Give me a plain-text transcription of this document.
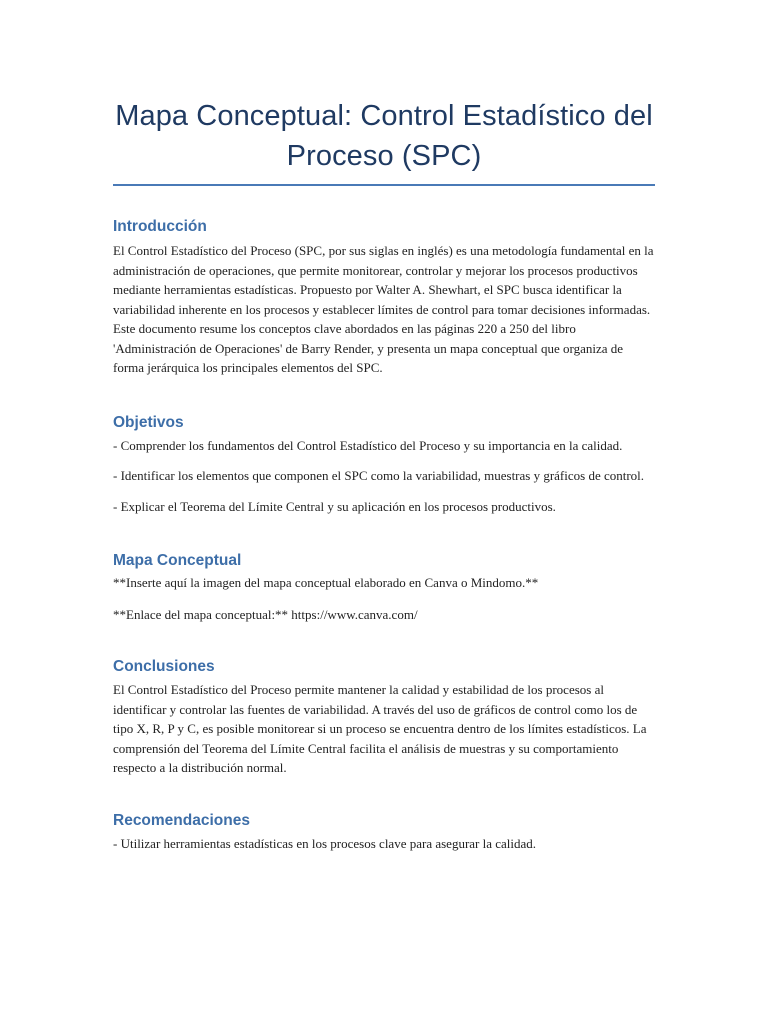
Mapa Conceptual: Control Estadístico del Proceso (SPC)
Introducción

El Control Estadístico del Proceso (SPC, por sus siglas en inglés) es una metodología fundamental en la administración de operaciones, que permite monitorear, controlar y mejorar los procesos productivos mediante herramientas estadísticas. Propuesto por Walter A. Shewhart, el SPC busca identificar la variabilidad inherente en los procesos y establecer límites de control para tomar decisiones informadas. Este documento resume los conceptos clave abordados en las páginas 220 a 250 del libro 'Administración de Operaciones' de Barry Render, y presenta un mapa conceptual que organiza de forma jerárquica los principales elementos del SPC.

Objetivos

- Comprender los fundamentos del Control Estadístico del Proceso y su importancia en la calidad.

- Identificar los elementos que componen el SPC como la variabilidad, muestras y gráficos de control.

- Explicar el Teorema del Límite Central y su aplicación en los procesos productivos.

Mapa Conceptual

**Inserte aquí la imagen del mapa conceptual elaborado en Canva o Mindomo.**

**Enlace del mapa conceptual:** https://www.canva.com/

Conclusiones

El Control Estadístico del Proceso permite mantener la calidad y estabilidad de los procesos al identificar y controlar las fuentes de variabilidad. A través del uso de gráficos de control como los de tipo X, R, P y C, es posible monitorear si un proceso se encuentra dentro de los límites estadísticos. La comprensión del Teorema del Límite Central facilita el análisis de muestras y su comportamiento respecto a la distribución normal.

Recomendaciones

- Utilizar herramientas estadísticas en los procesos clave para asegurar la calidad.
